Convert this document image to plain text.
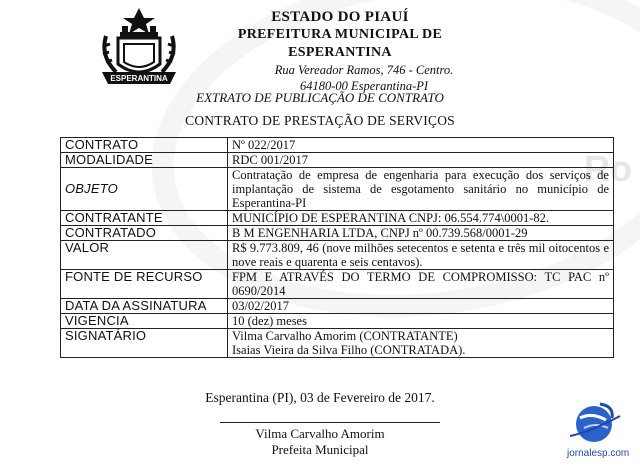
Ro
ESPERANTINA
ESTADO DO PIAUÍ
PREFEITURA MUNICIPAL DE ESPERANTINA
Rua Vereador Ramos, 746 - Centro.
64180-00 Esperantina-PI
EXTRATO DE PUBLICAÇÃO DE CONTRATO
CONTRATO DE PRESTAÇÃO DE SERVIÇOS
CONTRATO	Nº 022/2017
MODALIDADE	RDC 001/2017
OBJETO	Contratação de empresa de engenharia para execução dos serviços de implantação de sistema de esgotamento sanitário no município de Esperantina-PI
CONTRATANTE	MUNICÍPIO DE ESPERANTINA CNPJ: 06.554.774\0001-82.
CONTRATADO	B M ENGENHARIA LTDA, CNPJ nº 00.739.568/0001-29
VALOR	R$ 9.773.809, 46 (nove milhões setecentos e setenta e três mil oitocentos e nove reais e quarenta e seis centavos).
FONTE DE RECURSO	FPM E ATRAVÉS DO TERMO DE COMPROMISSO: TC PAC nº 0690/2014
DATA DA ASSINATURA	03/02/2017
VIGENCIA	10 (dez) meses
SIGNATÁRIO	Vilma Carvalho Amorim (CONTRATANTE)
Isaias Vieira da Silva Filho (CONTRATADA).
Esperantina (PI), 03 de Fevereiro de 2017.
Vilma Carvalho Amorim
Prefeita Municipal	jornalesp.com
